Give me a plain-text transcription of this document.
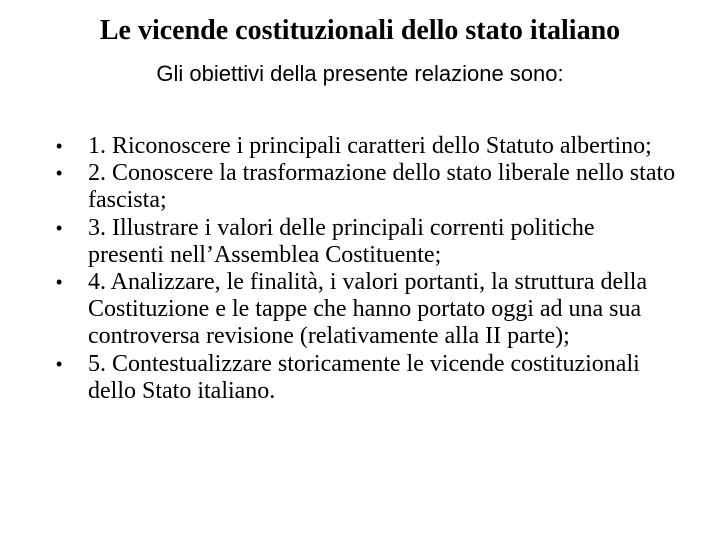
Le vicende costituzionali dello stato italiano
Gli obiettivi della presente relazione sono:
•	1. Riconoscere i principali caratteri dello Statuto albertino;
•	2. Conoscere la trasformazione dello stato liberale nello stato fascista;
•	3. Illustrare i valori delle principali correnti politiche presenti nell’Assemblea Costituente;
•	4. Analizzare, le finalità, i valori portanti, la struttura della Costituzione e le tappe che hanno portato oggi ad una sua controversa revisione (relativamente alla II parte);
•	5. Contestualizzare storicamente le vicende costituzionali dello Stato italiano.
